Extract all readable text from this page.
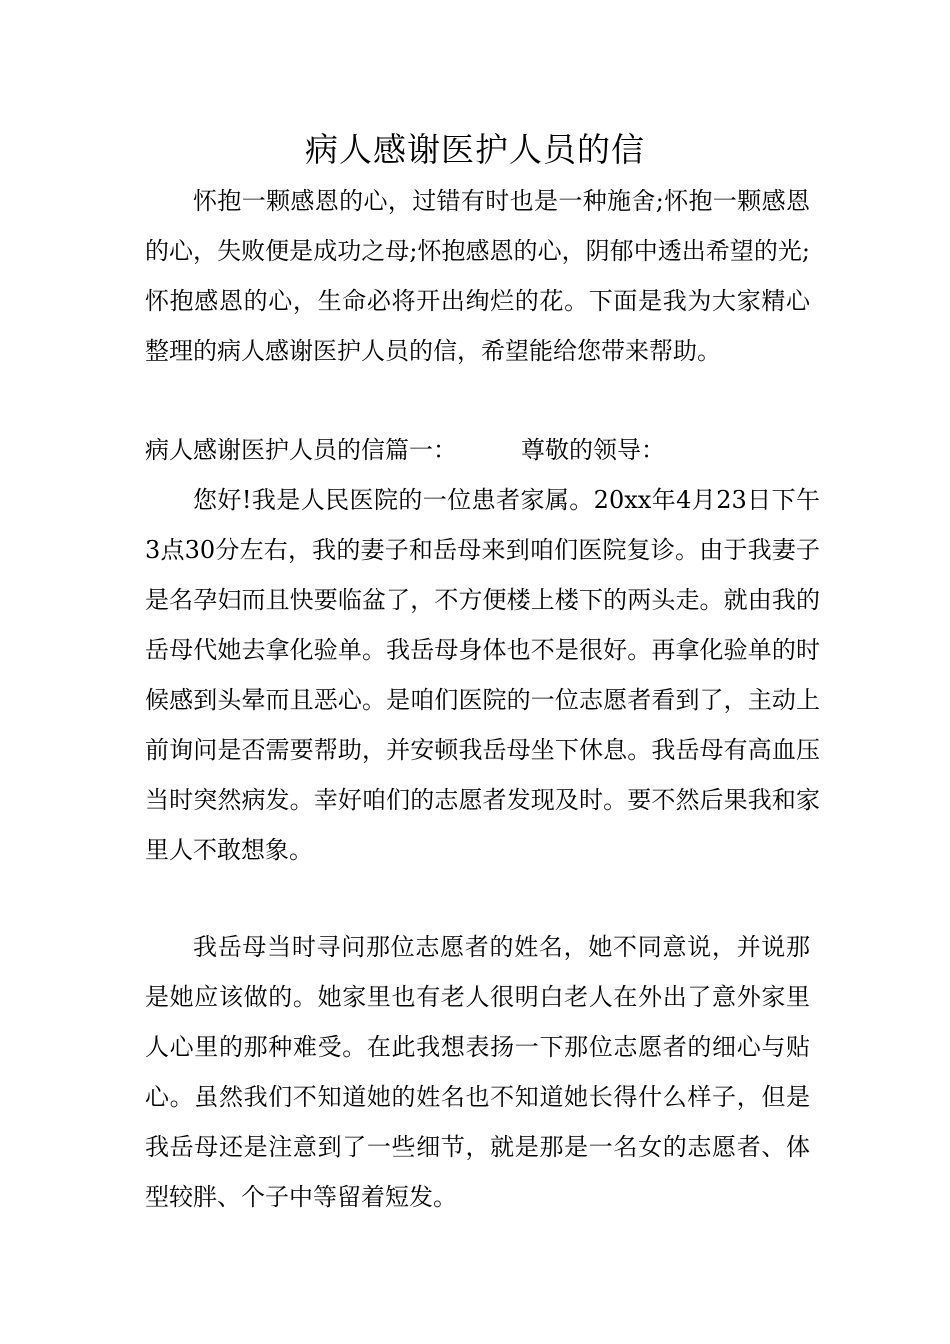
病人感谢医护人员的信

怀抱一颗感恩的心，过错有时也是一种施舍;怀抱一颗感恩的心，失败便是成功之母;怀抱感恩的心，阴郁中透出希望的光;怀抱感恩的心，生命必将开出绚烂的花。下面是我为大家精心整理的病人感谢医护人员的信，希望能给您带来帮助。

病人感谢医护人员的信篇一：	尊敬的领导：

您好!我是人民医院的一位患者家属。20xx年4月23日下午3点30分左右，我的妻子和岳母来到咱们医院复诊。由于我妻子是名孕妇而且快要临盆了，不方便楼上楼下的两头走。就由我的岳母代她去拿化验单。我岳母身体也不是很好。再拿化验单的时候感到头晕而且恶心。是咱们医院的一位志愿者看到了，主动上前询问是否需要帮助，并安顿我岳母坐下休息。我岳母有高血压当时突然病发。幸好咱们的志愿者发现及时。要不然后果我和家里人不敢想象。

我岳母当时寻问那位志愿者的姓名，她不同意说，并说那是她应该做的。她家里也有老人很明白老人在外出了意外家里人心里的那种难受。在此我想表扬一下那位志愿者的细心与贴心。虽然我们不知道她的姓名也不知道她长得什么样子，但是我岳母还是注意到了一些细节，就是那是一名女的志愿者、体型较胖、个子中等留着短发。
